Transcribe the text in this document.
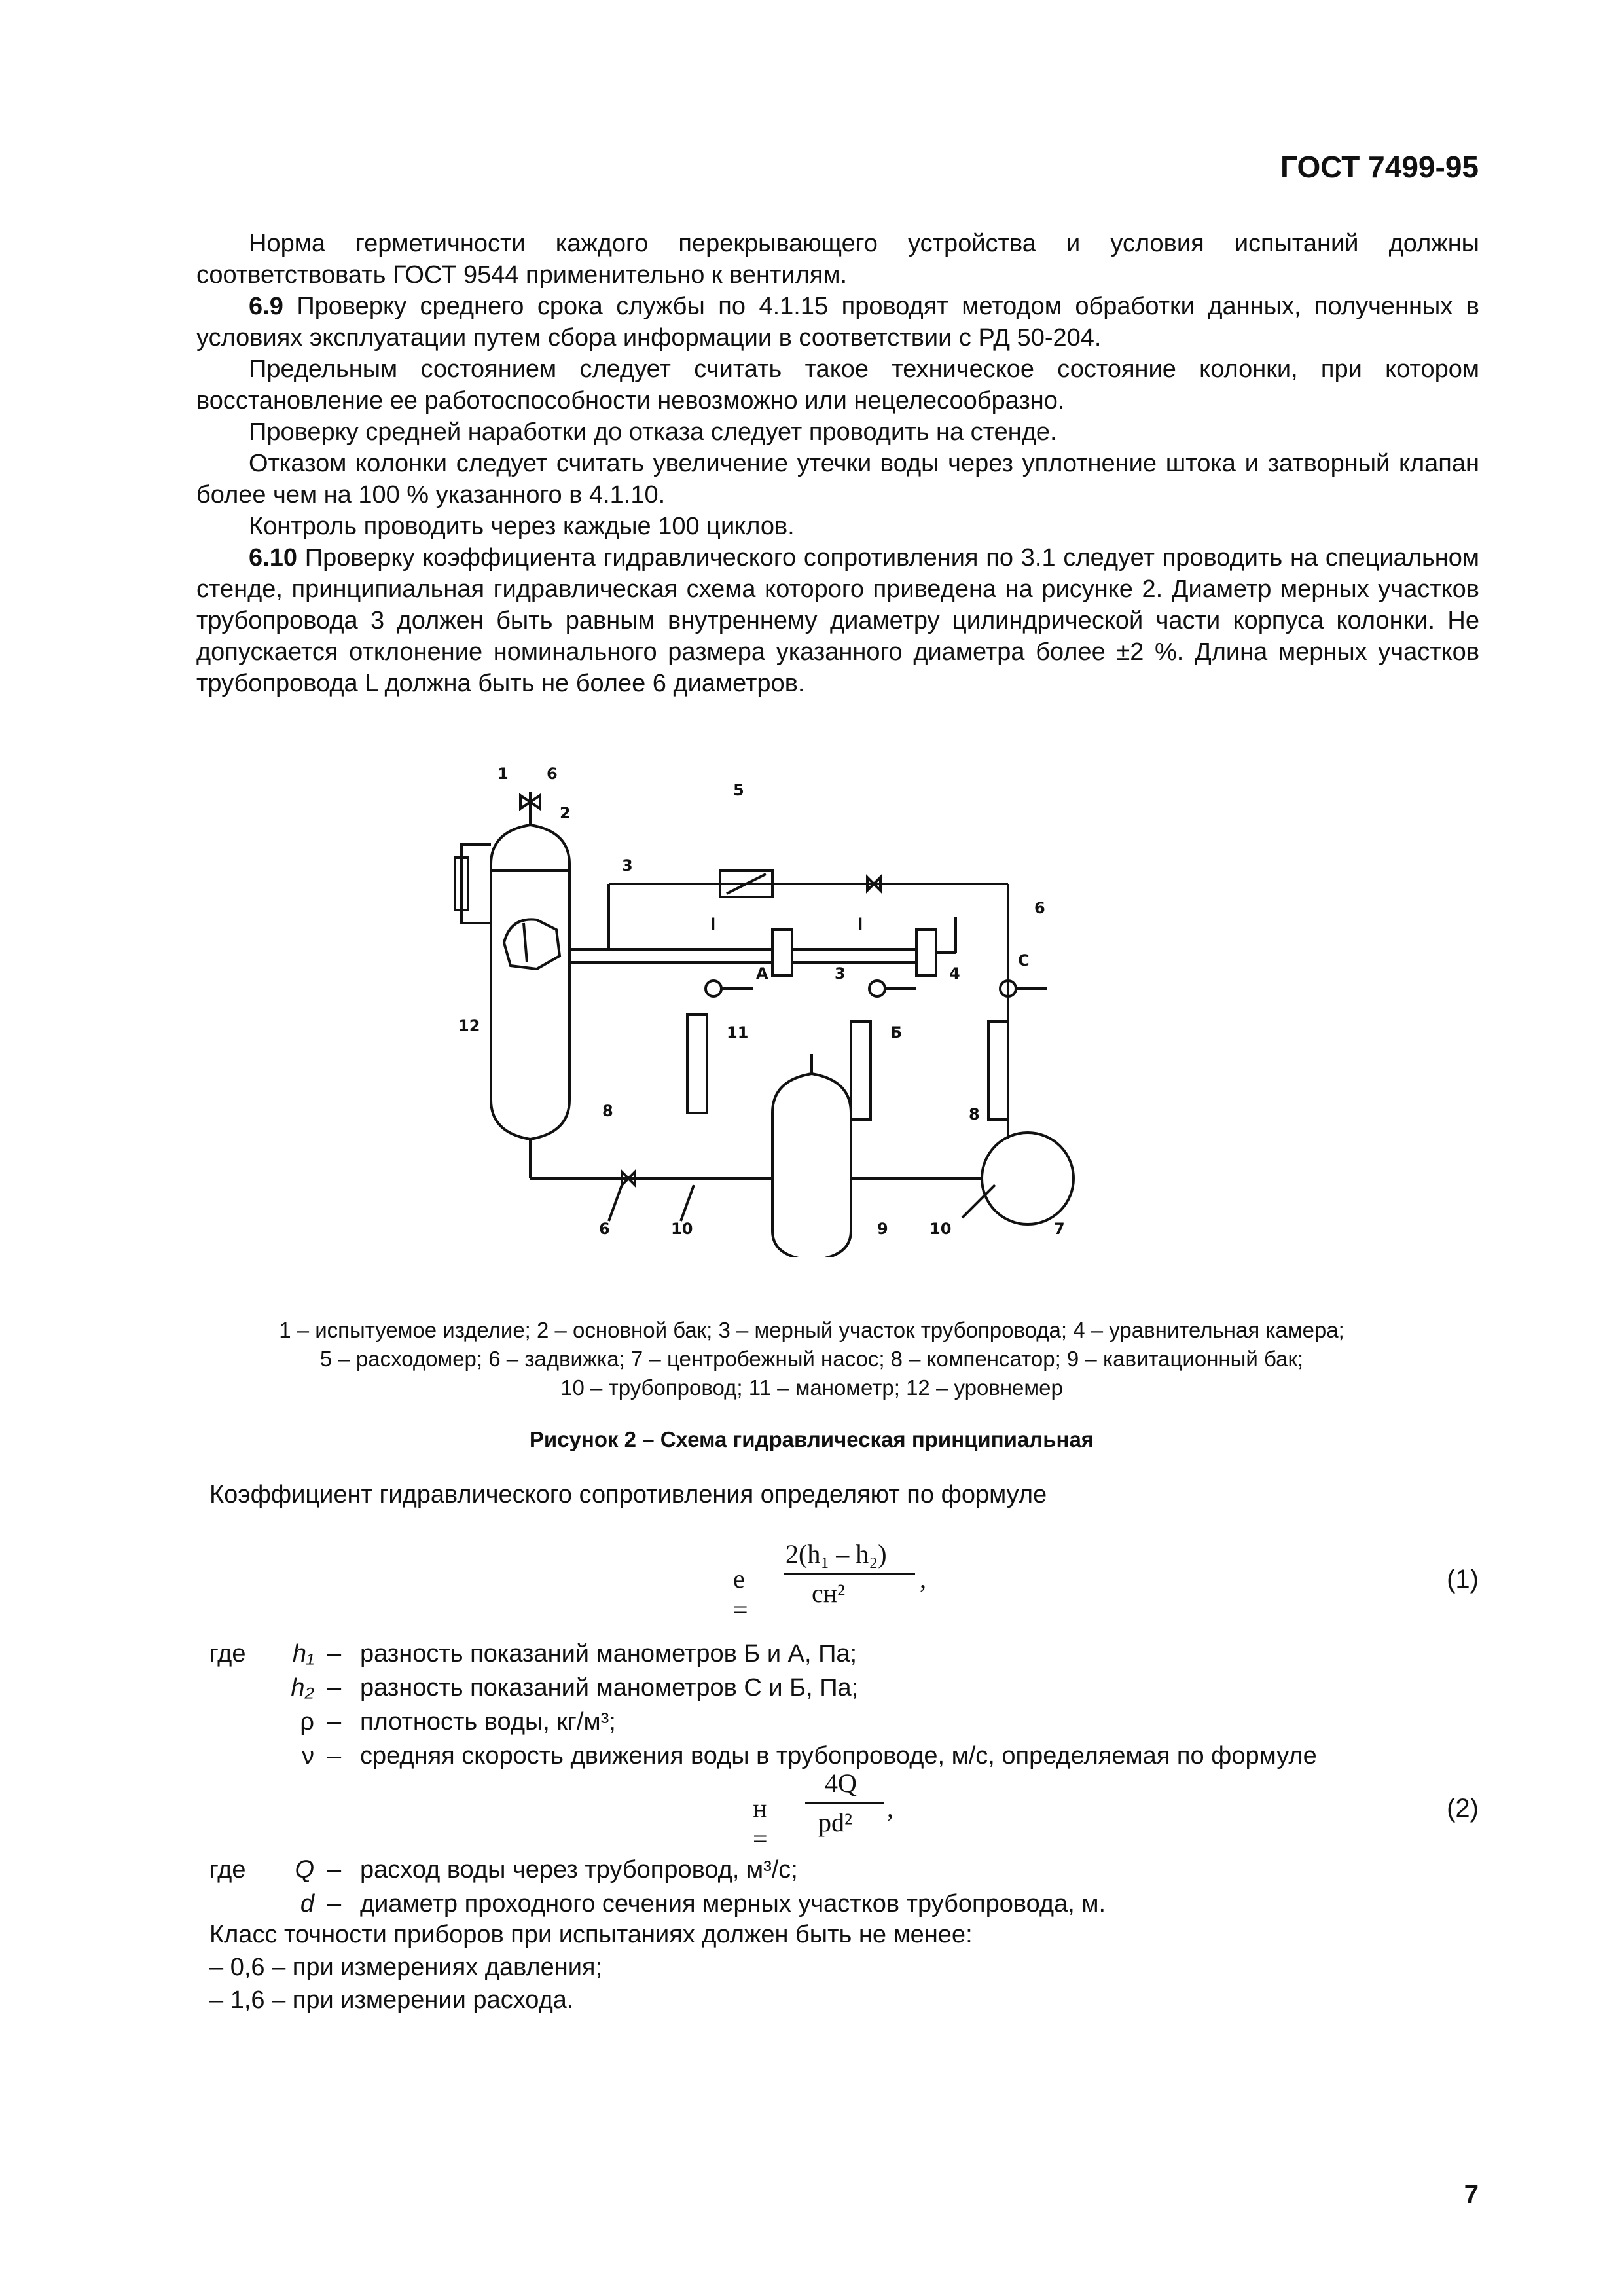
ГОСТ 7499-95

Норма герметичности каждого перекрывающего устройства и условия испытаний должны соответствовать ГОСТ 9544 применительно к вентилям.

6.9 Проверку среднего срока службы по 4.1.15 проводят методом обработки данных, полученных в условиях эксплуатации путем сбора информации в соответствии с РД 50-204.

Предельным состоянием следует считать такое техническое состояние колонки, при котором восстановление ее работоспособности невозможно или нецелесообразно.

Проверку средней наработки до отказа следует проводить на стенде.

Отказом колонки следует считать увеличение утечки воды через уплотнение штока и затворный клапан более чем на 100 % указанного в 4.1.10.

Контроль проводить через каждые 100 циклов.

6.10 Проверку коэффициента гидравлического сопротивления по 3.1 следует проводить на специальном стенде, принципиальная гидравлическая схема которого приведена на рисунке 2. Диаметр мерных участков трубопровода 3 должен быть равным внутреннему диаметру цилиндрической части корпуса колонки. Не допускается отклонение номинального размера указанного диаметра более ±2 %. Длина мерных участков трубопровода L должна быть не более 6 диаметров.

1 6
2
3
5
6
l	l
12
А	3	4
С
11	Б
8	8
6	10	9	10	7
1 – испытуемое изделие; 2 – основной бак; 3 – мерный участок трубопровода; 4 – уравнительная камера;
5 – расходомер; 6 – задвижка; 7 – центробежный насос; 8 – компенсатор; 9 – кавитационный бак;
10 – трубопровод; 11 – манометр; 12 – уровнемер
Рисунок 2 – Схема гидравлическая принципиальная
Коэффициент гидравлического сопротивления определяют по формуле
e =
2(h₁ – h₂)
сн²	,	(1)
где	h₁ – разность показаний манометров Б и А, Па;
h₂ – разность показаний манометров С и Б, Па;
ρ – плотность воды, кг/м³;
ν – средняя скорость движения воды в трубопроводе, м/с, определяемая по формуле
н =
4Q
pd² ,	(2)
где	Q – расход воды через трубопровод, м³/с;
d – диаметр проходного сечения мерных участков трубопровода, м.
Класс точности приборов при испытаниях должен быть не менее:
– 0,6 – при измерениях давления;
– 1,6 – при измерении расхода.
7
